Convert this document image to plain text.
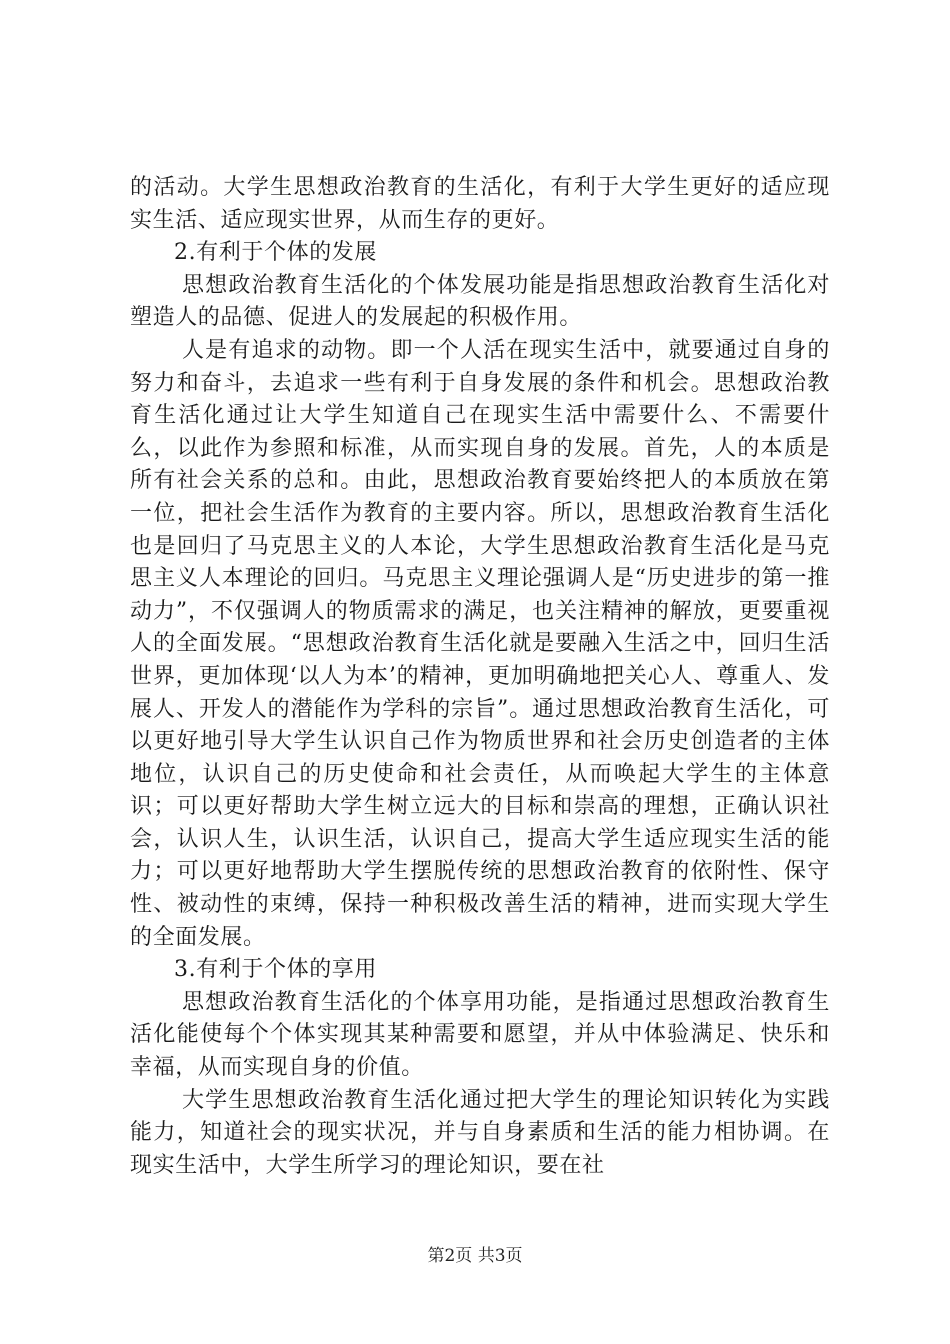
的活动。大学生思想政治教育的生活化，有利于大学生更好的适应现实生活、适应现实世界，从而生存的更好。

2.有利于个体的发展

思想政治教育生活化的个体发展功能是指思想政治教育生活化对塑造人的品德、促进人的发展起的积极作用。

人是有追求的动物。即一个人活在现实生活中，就要通过自身的努力和奋斗，去追求一些有利于自身发展的条件和机会。思想政治教育生活化通过让大学生知道自己在现实生活中需要什么、不需要什么，以此作为参照和标准，从而实现自身的发展。首先，人的本质是所有社会关系的总和。由此，思想政治教育要始终把人的本质放在第一位，把社会生活作为教育的主要内容。所以，思想政治教育生活化也是回归了马克思主义的人本论，大学生思想政治教育生活化是马克思主义人本理论的回归。马克思主义理论强调人是“历史进步的第一推动力”，不仅强调人的物质需求的满足，也关注精神的解放，更要重视人的全面发展。“思想政治教育生活化就是要融入生活之中，回归生活世界，更加体现‘以人为本’的精神，更加明确地把关心人、尊重人、发展人、开发人的潜能作为学科的宗旨”。通过思想政治教育生活化，可以更好地引导大学生认识自己作为物质世界和社会历史创造者的主体地位，认识自己的历史使命和社会责任，从而唤起大学生的主体意识；可以更好帮助大学生树立远大的目标和崇高的理想，正确认识社会，认识人生，认识生活，认识自己，提高大学生适应现实生活的能力；可以更好地帮助大学生摆脱传统的思想政治教育的依附性、保守性、被动性的束缚，保持一种积极改善生活的精神，进而实现大学生的全面发展。

3.有利于个体的享用

思想政治教育生活化的个体享用功能，是指通过思想政治教育生活化能使每个个体实现其某种需要和愿望，并从中体验满足、快乐和幸福，从而实现自身的价值。

大学生思想政治教育生活化通过把大学生的理论知识转化为实践能力，知道社会的现实状况，并与自身素质和生活的能力相协调。在现实生活中，大学生所学习的理论知识，要在社

第2页 共3页
